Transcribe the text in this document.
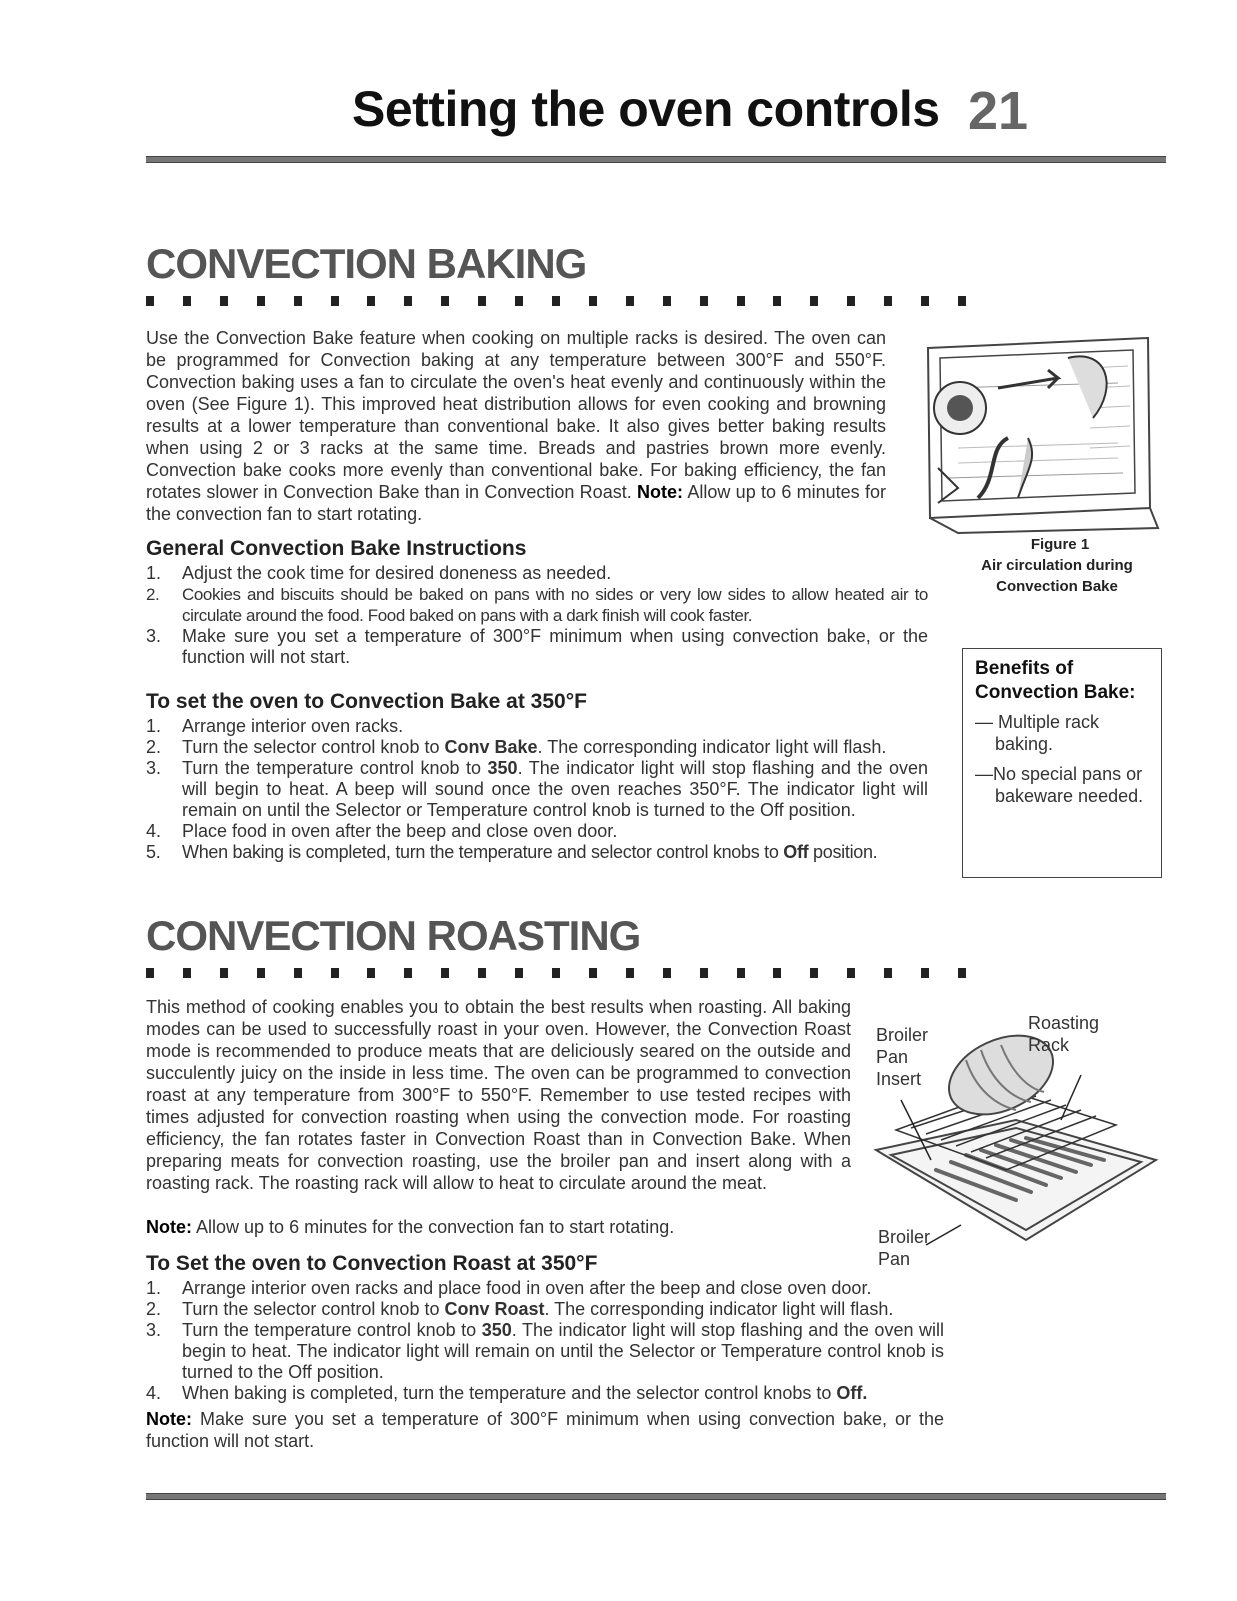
Setting the oven controls 21
CONVECTION BAKING

Use the Convection Bake feature when cooking on multiple racks is desired. The oven can be programmed for Convection baking at any temperature between 300°F and 550°F. Convection baking uses a fan to circulate the oven's heat evenly and continuously within the oven (See Figure 1). This improved heat distribution allows for even cooking and browning results at a lower temperature than conventional bake. It also gives better baking results when using 2 or 3 racks at the same time. Breads and pastries brown more evenly. Convection bake cooks more evenly than conventional bake. For baking efficiency, the fan rotates slower in Convection Bake than in Convection Roast. Note: Allow up to 6 minutes for the convection fan to start rotating.

General Convection Bake Instructions
1. Adjust the cook time for desired doneness as needed.
2. Cookies and biscuits should be baked on pans with no sides or very low sides to allow heated air to circulate around the food. Food baked on pans with a dark finish will cook faster.
3. Make sure you set a temperature of 300°F minimum when using convection bake, or the function will not start.
To set the oven to Convection Bake at 350°F
1. Arrange interior oven racks.
2. Turn the selector control knob to Conv Bake. The corresponding indicator light will flash.
3. Turn the temperature control knob to 350. The indicator light will stop flashing and the oven will begin to heat. A beep will sound once the oven reaches 350°F. The indicator light will remain on until the Selector or Temperature control knob is turned to the Off position.
4. Place food in oven after the beep and close oven door.
5. When baking is completed, turn the temperature and selector control knobs to Off position.
Figure 1
Air circulation during Convection Bake
Benefits of Convection Bake:
— Multiple rack baking.
—No special pans or bakeware needed.
CONVECTION ROASTING

This method of cooking enables you to obtain the best results when roasting. All baking modes can be used to successfully roast in your oven. However, the Convection Roast mode is recommended to produce meats that are deliciously seared on the outside and succulently juicy on the inside in less time. The oven can be programmed to convection roast at any temperature from 300°F to 550°F. Remember to use tested recipes with times adjusted for convection roasting when using the convection mode. For roasting efficiency, the fan rotates faster in Convection Roast than in Convection Bake. When preparing meats for convection roasting, use the broiler pan and insert along with a roasting rack. The roasting rack will allow to heat to circulate around the meat.

Note: Allow up to 6 minutes for the convection fan to start rotating.

To Set the oven to Convection Roast at 350°F
1. Arrange interior oven racks and place food in oven after the beep and close oven door.
2. Turn the selector control knob to Conv Roast. The corresponding indicator light will flash.
3. Turn the temperature control knob to 350. The indicator light will stop flashing and the oven will begin to heat. The indicator light will remain on until the Selector or Temperature control knob is turned to the Off position.
4. When baking is completed, turn the temperature and the selector control knobs to Off.

Note: Make sure you set a temperature of 300°F minimum when using convection bake, or the function will not start.

Broiler Pan Insert
Roasting Rack
Broiler Pan
